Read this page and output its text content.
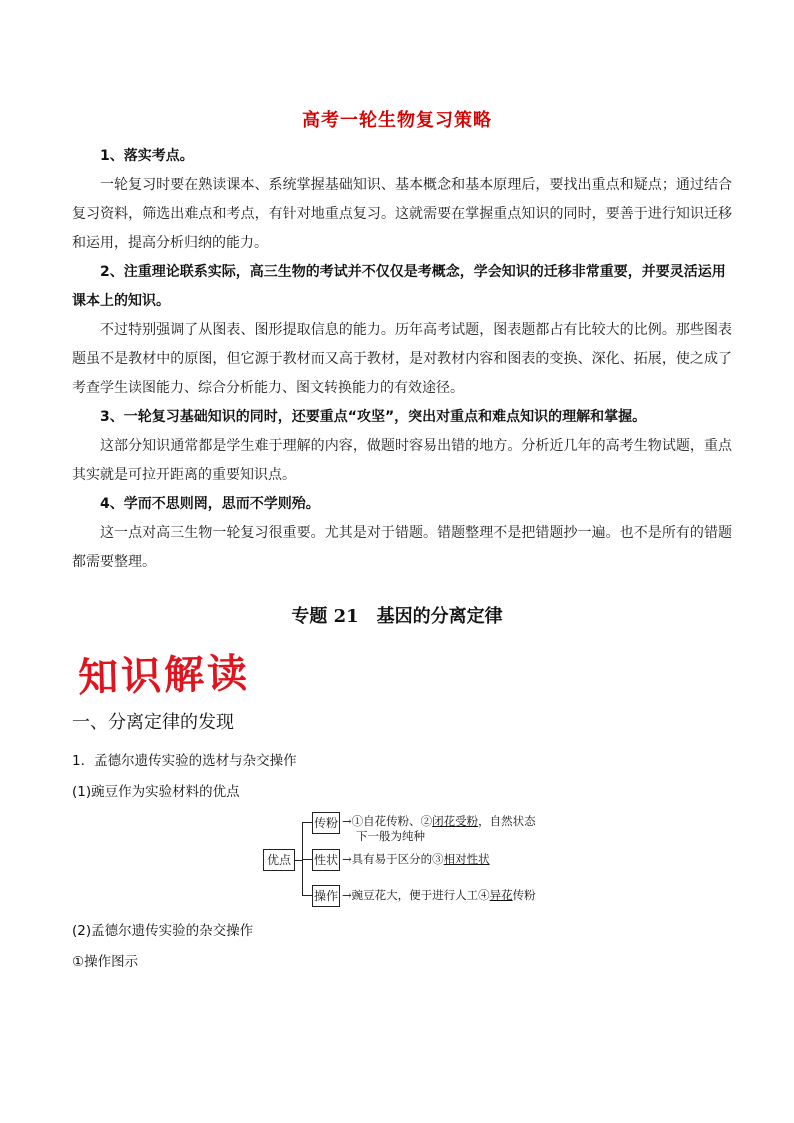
高考一轮生物复习策略

1、落实考点。

一轮复习时要在熟读课本、系统掌握基础知识、基本概念和基本原理后，要找出重点和疑点；通过结合复习资料，筛选出难点和考点，有针对地重点复习。这就需要在掌握重点知识的同时，要善于进行知识迁移和运用，提高分析归纳的能力。

2、注重理论联系实际，高三生物的考试并不仅仅是考概念，学会知识的迁移非常重要，并要灵活运用课本上的知识。

不过特别强调了从图表、图形提取信息的能力。历年高考试题，图表题都占有比较大的比例。那些图表题虽不是教材中的原图，但它源于教材而又高于教材，是对教材内容和图表的变换、深化、拓展，使之成了考查学生读图能力、综合分析能力、图文转换能力的有效途径。

3、一轮复习基础知识的同时，还要重点“攻坚”，突出对重点和难点知识的理解和掌握。

这部分知识通常都是学生难于理解的内容，做题时容易出错的地方。分析近几年的高考生物试题，重点其实就是可拉开距离的重要知识点。

4、学而不思则罔，思而不学则殆。

这一点对高三生物一轮复习很重要。尤其是对于错题。错题整理不是把错题抄一遍。也不是所有的错题都需要整理。

专题 21　基因的分离定律
知识解读
一、分离定律的发现
1．孟德尔遗传实验的选材与杂交操作
(1)豌豆作为实验材料的优点
优点
传粉
性状
操作
→①自花传粉、②闭花受粉，自然状态
下一般为纯种
→具有易于区分的③相对性状
→豌豆花大，便于进行人工④异花传粉
(2)孟德尔遗传实验的杂交操作
①操作图示
